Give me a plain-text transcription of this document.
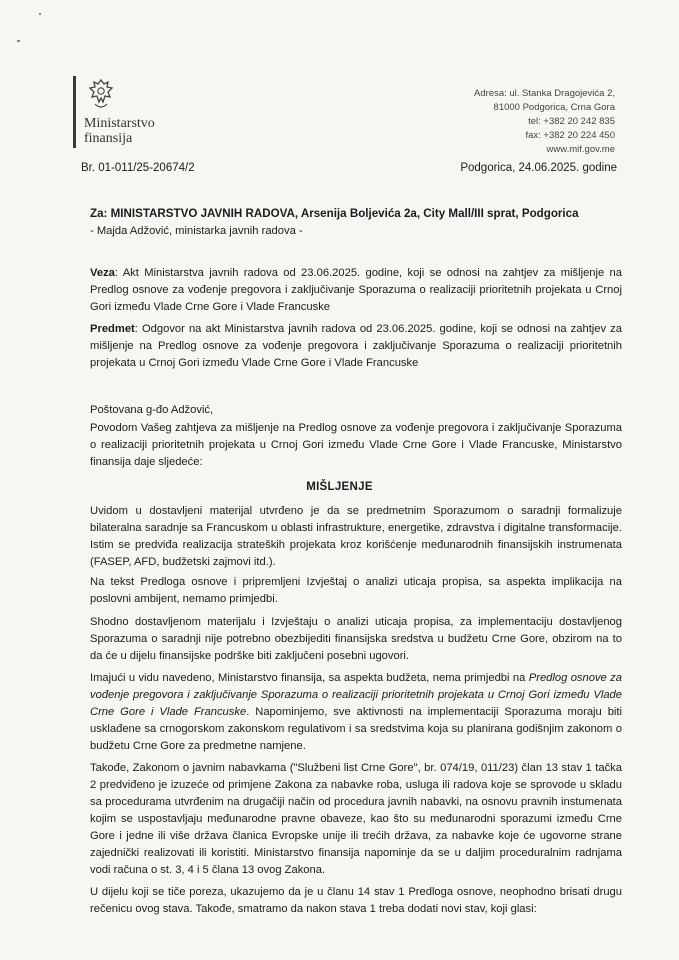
Ministarstvo
finansija
Adresa: ul. Stanka Dragojevića 2,
81000 Podgorica, Crna Gora
tel: +382 20 242 835
fax: +382 20 224 450
www.mif.gov.me
Br. 01-011/25-20674/2	Podgorica, 24.06.2025. godine
Za: MINISTARSTVO JAVNIH RADOVA, Arsenija Boljevića 2a, City Mall/III sprat, Podgorica
- Majda Adžović, ministarka javnih radova -
Veza: Akt Ministarstva javnih radova od 23.06.2025. godine, koji se odnosi na zahtjev za mišljenje na Predlog osnove za vođenje pregovora i zaključivanje Sporazuma o realizaciji prioritetnih projekata u Crnoj Gori između Vlade Crne Gore i Vlade Francuske
Predmet: Odgovor na akt Ministarstva javnih radova od 23.06.2025. godine, koji se odnosi na zahtjev za mišljenje na Predlog osnove za vođenje pregovora i zaključivanje Sporazuma o realizaciji prioritetnih projekata u Crnoj Gori između Vlade Crne Gore i Vlade Francuske
Poštovana g-đo Adžović,
Povodom Vašeg zahtjeva za mišljenje na Predlog osnove za vođenje pregovora i zaključivanje Sporazuma o realizaciji prioritetnih projekata u Crnoj Gori između Vlade Crne Gore i Vlade Francuske, Ministarstvo finansija daje sljedeće:
MIŠLJENJE
Uvidom u dostavljeni materijal utvrđeno je da se predmetnim Sporazumom o saradnji formalizuje bilateralna saradnje sa Francuskom u oblasti infrastrukture, energetike, zdravstva i digitalne transformacije. Istim se predviđa realizacija strateških projekata kroz korišćenje međunarodnih finansijskih instrumenata (FASEP, AFD, budžetski zajmovi itd.).
Na tekst Predloga osnove i pripremljeni Izvještaj o analizi uticaja propisa, sa aspekta implikacija na poslovni ambijent, nemamo primjedbi.
Shodno dostavljenom materijalu i Izvještaju o analizi uticaja propisa, za implementaciju dostavljenog Sporazuma o saradnji nije potrebno obezbijediti finansijska sredstva u budžetu Crne Gore, obzirom na to da će u dijelu finansijske podrške biti zaključeni posebni ugovori.
Imajući u vidu navedeno, Ministarstvo finansija, sa aspekta budžeta, nema primjedbi na Predlog osnove za vođenje pregovora i zaključivanje Sporazuma o realizaciji prioritetnih projekata u Crnoj Gori između Vlade Crne Gore i Vlade Francuske. Napominjemo, sve aktivnosti na implementaciji Sporazuma moraju biti usklađene sa crnogorskom zakonskom regulativom i sa sredstvima koja su planirana godišnjim zakonom o budžetu Crne Gore za predmetne namjene.
Takođe, Zakonom o javnim nabavkama ("Službeni list Crne Gore", br. 074/19, 011/23) član 13 stav 1 tačka 2 predviđeno je izuzeće od primjene Zakona za nabavke roba, usluga ili radova koje se sprovode u skladu sa procedurama utvrđenim na drugačiji način od procedura javnih nabavki, na osnovu pravnih instumenata kojim se uspostavljaju međunarodne pravne obaveze, kao što su međunarodni sporazumi između Crne Gore i jedne ili više država članica Evropske unije ili trećih država, za nabavke koje će ugovorne strane zajednički realizovati ili koristiti. Ministarstvo finansija napominje da se u daljim proceduralnim radnjama vodi računa o st. 3, 4 i 5 člana 13 ovog Zakona.
U dijelu koji se tiče poreza, ukazujemo da je u članu 14 stav 1 Predloga osnove, neophodno brisati drugu rečenicu ovog stava. Takođe, smatramo da nakon stava 1 treba dodati novi stav, koji glasi:
